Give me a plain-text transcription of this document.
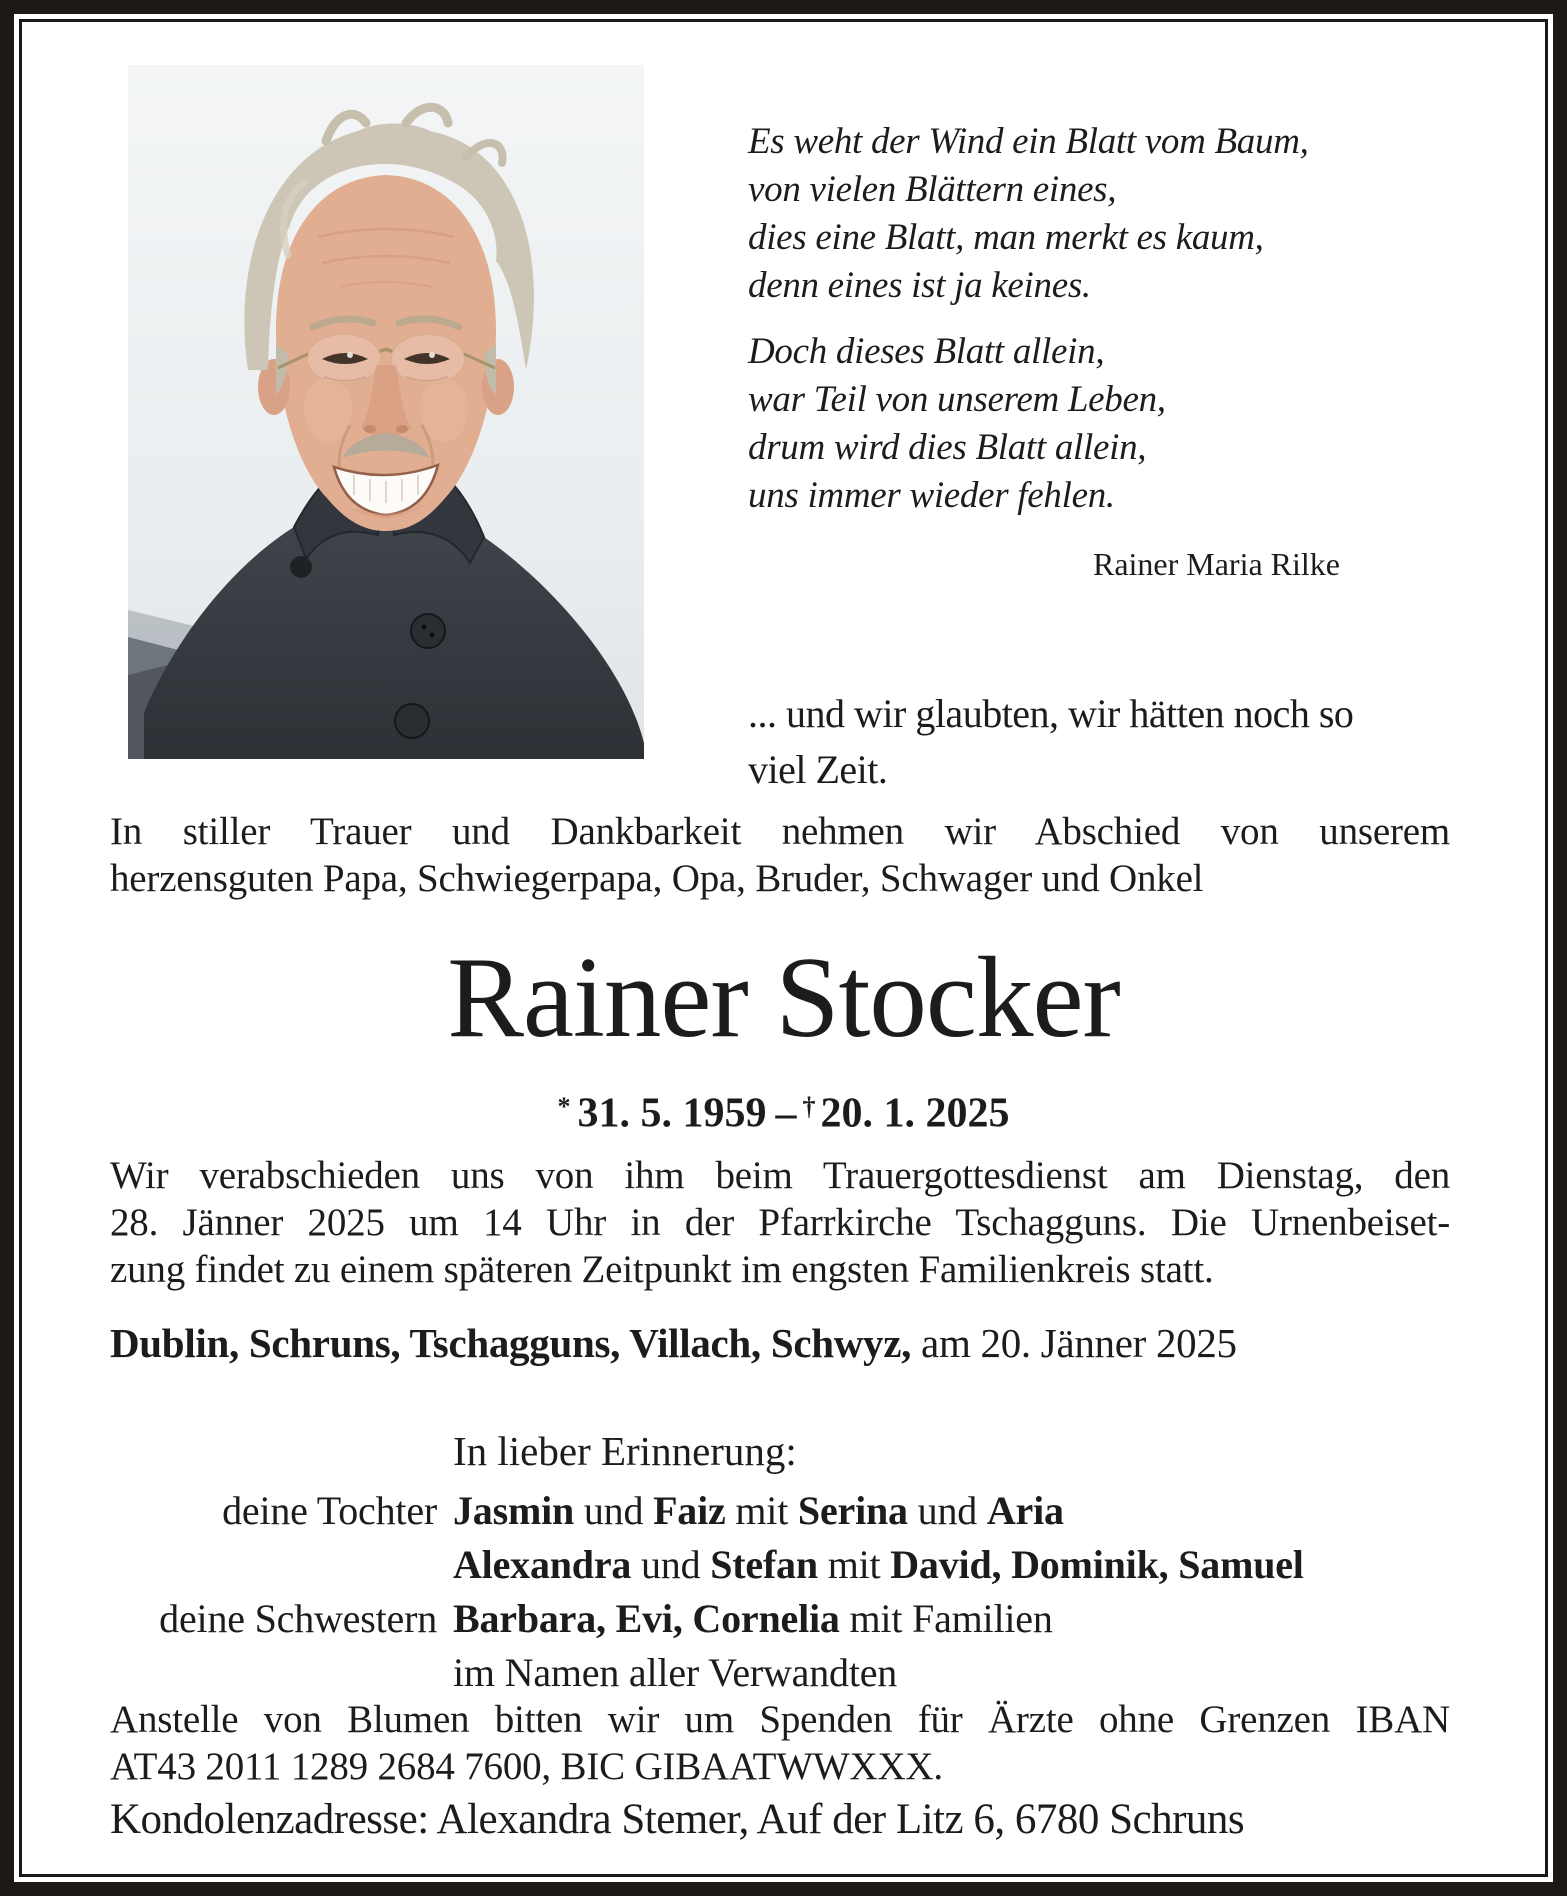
Es weht der Wind ein Blatt vom Baum,
von vielen Blättern eines,
dies eine Blatt, man merkt es kaum,
denn eines ist ja keines.
Doch dieses Blatt allein,
war Teil von unserem Leben,
drum wird dies Blatt allein,
uns immer wieder fehlen.
Rainer Maria Rilke
... und wir glaubten, wir hätten noch so
viel Zeit.
In stiller Trauer und Dankbarkeit nehmen wir Abschied von unserem
herzensguten Papa, Schwiegerpapa, Opa, Bruder, Schwager und Onkel
Rainer Stocker
* 31. 5. 1959 – † 20. 1. 2025
Wir verabschieden uns von ihm beim Trauergottesdienst am Dienstag, den
28. Jänner 2025 um 14 Uhr in der Pfarrkirche Tschagguns. Die Urnenbeiset-
zung findet zu einem späteren Zeitpunkt im engsten Familienkreis statt.
Dublin, Schruns, Tschagguns, Villach, Schwyz, am 20. Jänner 2025
In lieber Erinnerung:
deine Tochter Jasmin und Faiz mit Serina und Aria
Alexandra und Stefan mit David, Dominik, Samuel
deine Schwestern Barbara, Evi, Cornelia mit Familien
im Namen aller Verwandten
Anstelle von Blumen bitten wir um Spenden für Ärzte ohne Grenzen IBAN
AT43 2011 1289 2684 7600, BIC GIBAATWWXXX.
Kondolenzadresse: Alexandra Stemer, Auf der Litz 6, 6780 Schruns
